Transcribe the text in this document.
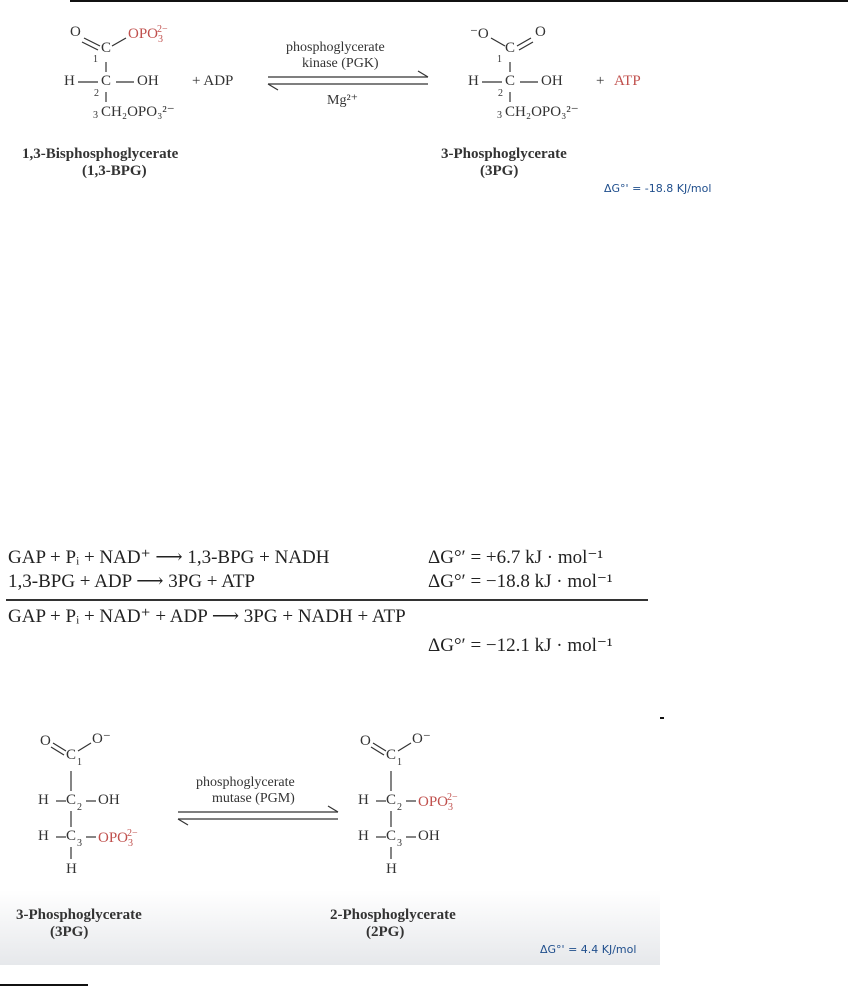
O	$OPO_3^{2-}$
C
1
H C
2
OH
3 CH₂OPO₃²⁻
+ ADP
phosphoglycerate
kinase (PGK)
Mg²⁺
⁻O	O
C
1
H C
2
OH
3 CH₂OPO₃²⁻
+ ATP
1,3-Bisphosphoglycerate
(1,3-BPG)
3-Phosphoglycerate
(3PG)
ΔG°' = -18.8 KJ/mol
GAP + Pᵢ + NAD⁺ ⟶ 1,3-BPG + NADH	ΔG°′ = +6.7 kJ · mol⁻¹
1,3-BPG + ADP ⟶ 3PG + ATP	ΔG°′ = −18.8 kJ · mol⁻¹
GAP + Pᵢ + NAD⁺ + ADP ⟶ 3PG + NADH + ATP
ΔG°′ = −12.1 kJ · mol⁻¹
O	O⁻
C 1
H C 2 OH
H C 3 $OPO_3^{2-}$
H
phosphoglycerate
mutase (PGM)
O	O⁻
C 1
H C 2 $OPO_3^{2-}$
H C 3 OH
H
3-Phosphoglycerate
(3PG)
2-Phosphoglycerate
(2PG)
ΔG°' = 4.4 KJ/mol
